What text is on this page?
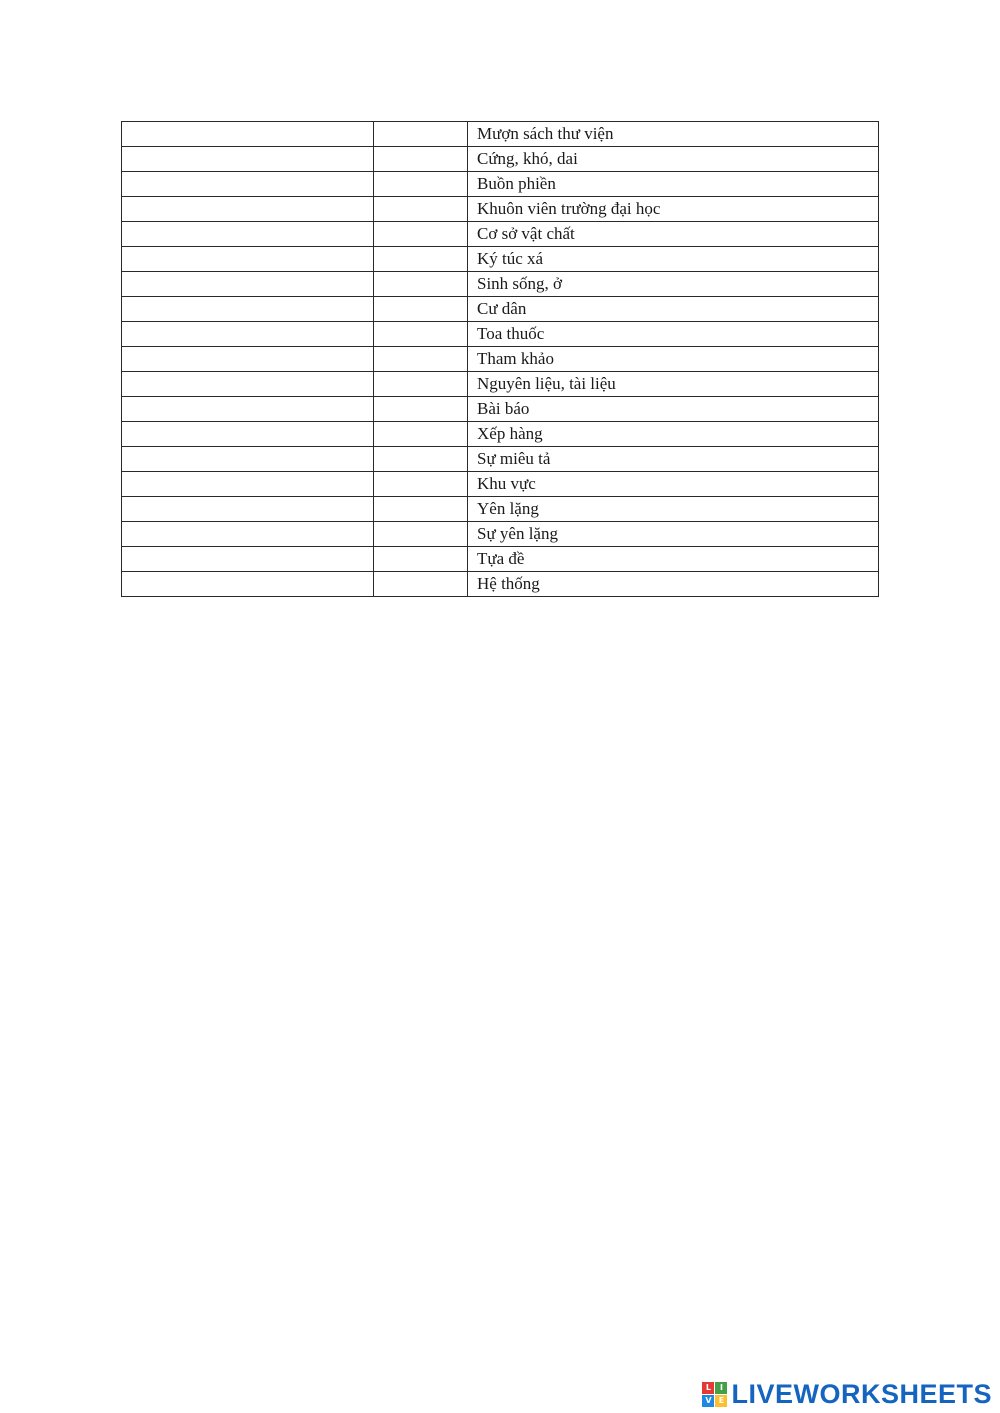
		Mượn sách thư viện
		Cứng, khó, dai
		Buồn phiền
		Khuôn viên trường đại học
		Cơ sở vật chất
		Ký túc xá
		Sinh sống, ở
		Cư dân
		Toa thuốc
		Tham khảo
		Nguyên liệu, tài liệu
		Bài báo
		Xếp hàng
		Sự miêu tả
		Khu vực
		Yên lặng
		Sự yên lặng
		Tựa đề
		Hệ thống
L	I
V E LIVEWORKSHEETS
